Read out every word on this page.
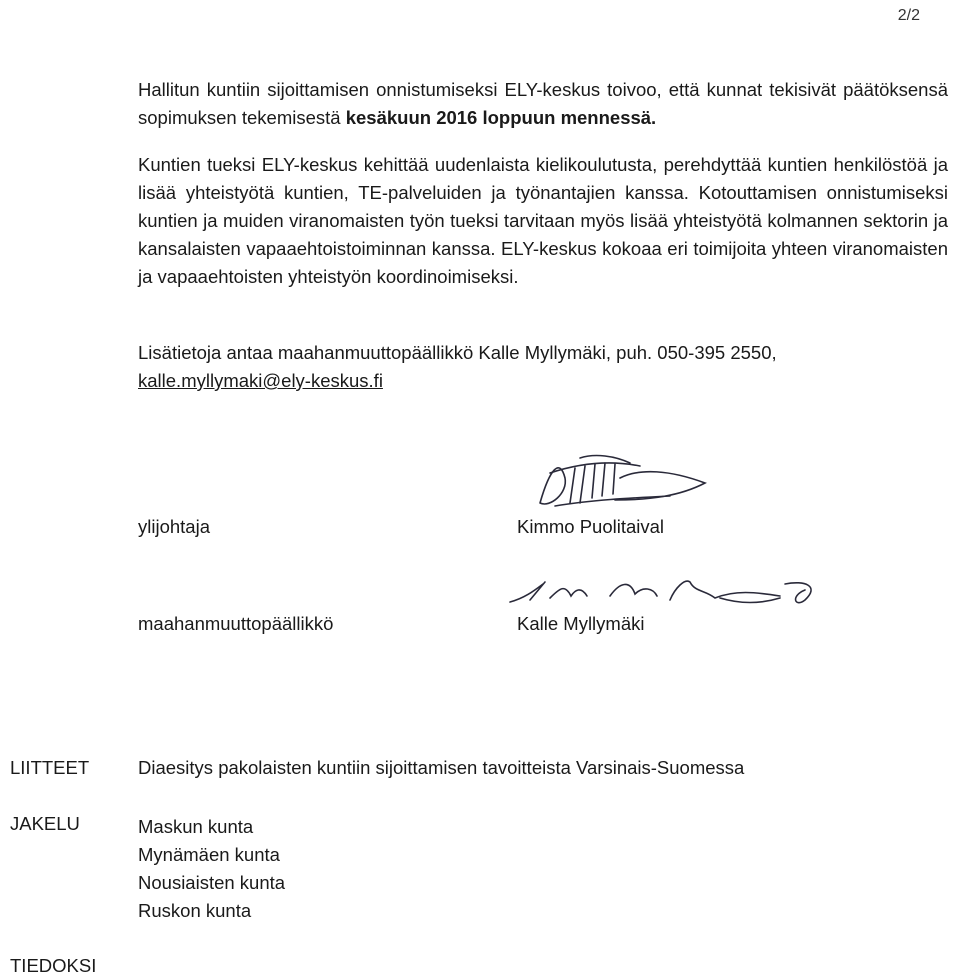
2/2
Hallitun kuntiin sijoittamisen onnistumiseksi ELY-keskus toivoo, että kunnat tekisivät päätöksensä sopimuksen tekemisestä kesäkuun 2016 loppuun mennessä.
Kuntien tueksi ELY-keskus kehittää uudenlaista kielikoulutusta, perehdyttää kuntien henkilöstöä ja lisää yhteistyötä kuntien, TE-palveluiden ja työnantajien kanssa. Kotouttamisen onnistumiseksi kuntien ja muiden viranomaisten työn tueksi tarvitaan myös lisää yhteistyötä kolmannen sektorin ja kansalaisten vapaaehtoistoiminnan kanssa. ELY-keskus kokoaa eri toimijoita yhteen viranomaisten ja vapaaehtoisten yhteistyön koordinoimiseksi.
Lisätietoja antaa maahanmuuttopäällikkö Kalle Myllymäki, puh. 050-395 2550,
kalle.myllymaki@ely-keskus.fi
ylijohtaja	Kimmo Puolitaival
maahanmuuttopäällikkö	Kalle Myllymäki
LIITTEET	Diaesitys pakolaisten kuntiin sijoittamisen tavoitteista Varsinais-Suomessa
JAKELU	Maskun kunta
Mynämäen kunta
Nousiaisten kunta
Ruskon kunta
TIEDOKSI
